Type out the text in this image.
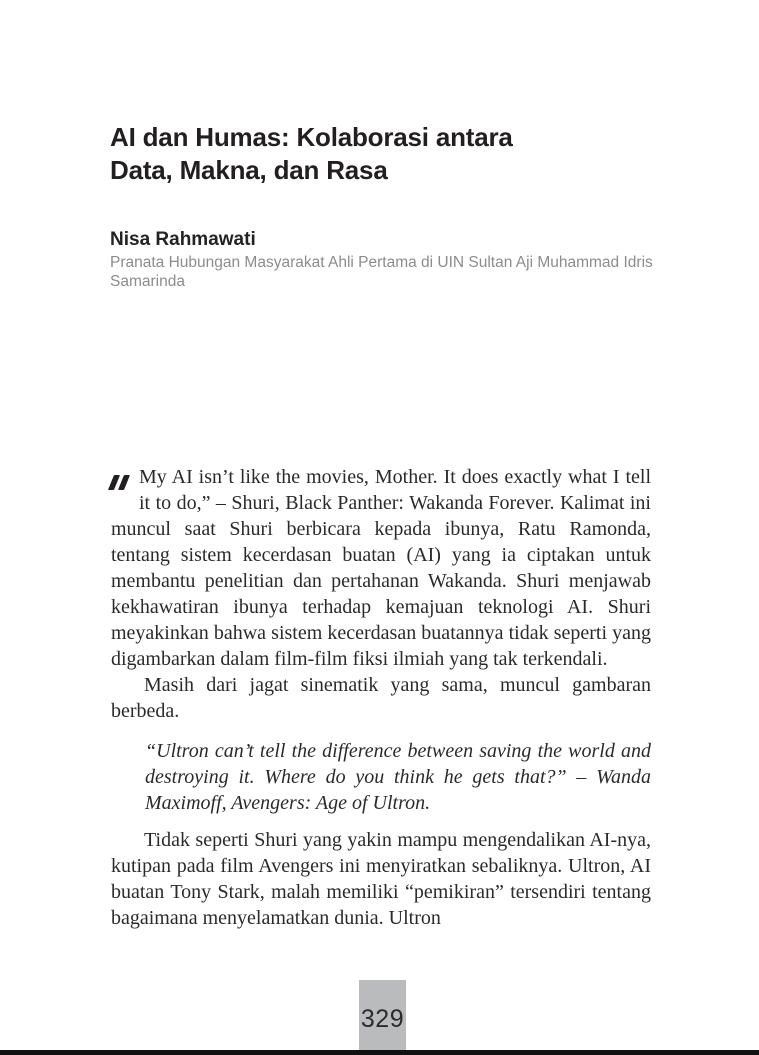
AI dan Humas: Kolaborasi antara
Data, Makna, dan Rasa
Nisa Rahmawati
Pranata Hubungan Masyarakat Ahli Pertama di UIN Sultan Aji Muhammad Idris
Samarinda

My AI isn’t like the movies, Mother. It does exactly what I tell it to do,” – Shuri, Black Panther: Wakanda Forever. Kalimat ini muncul saat Shuri berbicara kepada ibunya, Ratu Ramonda, tentang sistem kecerdasan buatan (AI) yang ia ciptakan untuk membantu penelitian dan pertahanan Wakanda. Shuri menjawab kekhawatiran ibunya terhadap kemajuan teknologi AI. Shuri meyakinkan bahwa sistem kecerdasan buatannya tidak seperti yang digambarkan dalam film-film fiksi ilmiah yang tak terkendali.

Masih dari jagat sinematik yang sama, muncul gambaran berbeda.

“Ultron can’t tell the difference between saving the world and destroying it. Where do you think he gets that?” – Wanda Maximoff, Avengers: Age of Ultron.

Tidak seperti Shuri yang yakin mampu mengendalikan AI-nya, kutipan pada film Avengers ini menyiratkan sebaliknya. Ultron, AI buatan Tony Stark, malah memiliki “pemikiran” tersendiri tentang bagaimana menyelamatkan dunia. Ultron

329
